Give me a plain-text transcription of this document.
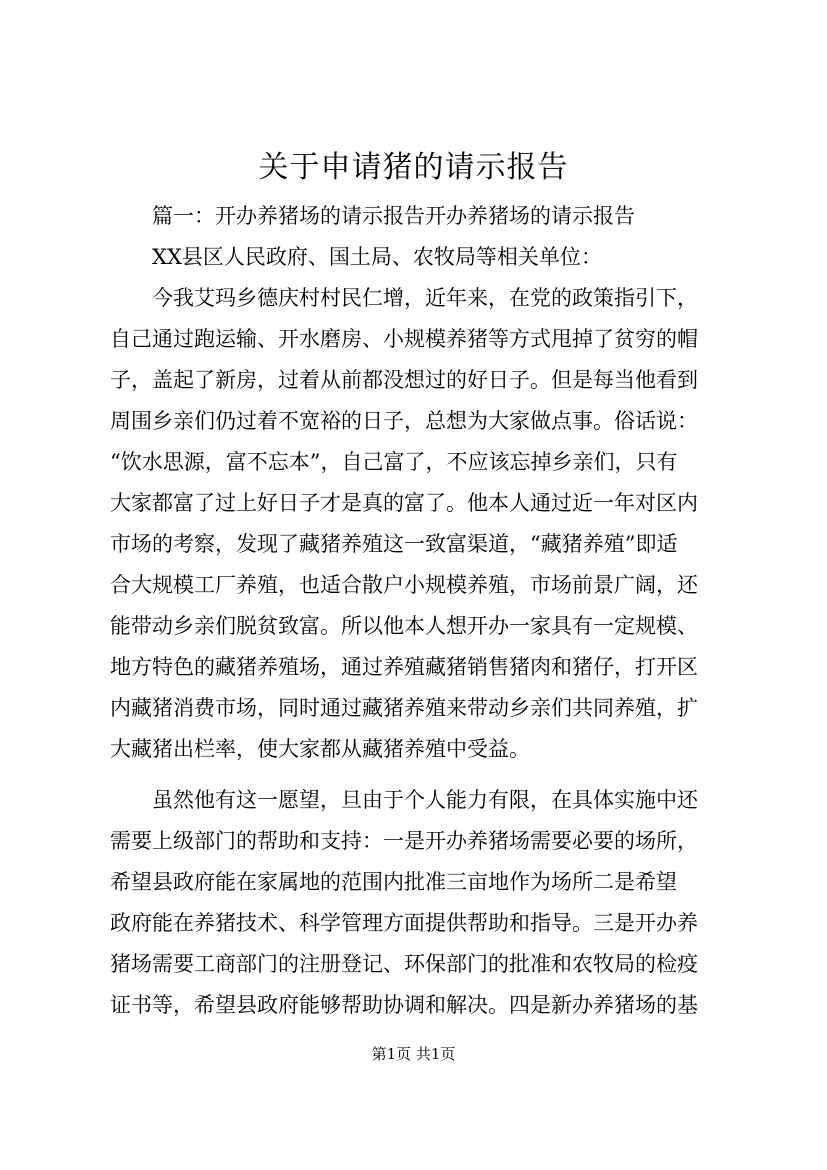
关于申请猪的请示报告
篇一：开办养猪场的请示报告开办养猪场的请示报告
XX县区人民政府、国土局、农牧局等相关单位：
今我艾玛乡德庆村村民仁增，近年来，在党的政策指引下，
自己通过跑运输、开水磨房、小规模养猪等方式甩掉了贫穷的帽
子，盖起了新房，过着从前都没想过的好日子。但是每当他看到
周围乡亲们仍过着不宽裕的日子，总想为大家做点事。俗话说：
“饮水思源，富不忘本”，自己富了，不应该忘掉乡亲们，只有
大家都富了过上好日子才是真的富了。他本人通过近一年对区内
市场的考察，发现了藏猪养殖这一致富渠道，“藏猪养殖”即适
合大规模工厂养殖，也适合散户小规模养殖，市场前景广阔，还
能带动乡亲们脱贫致富。所以他本人想开办一家具有一定规模、
地方特色的藏猪养殖场，通过养殖藏猪销售猪肉和猪仔，打开区
内藏猪消费市场，同时通过藏猪养殖来带动乡亲们共同养殖，扩
大藏猪出栏率，使大家都从藏猪养殖中受益。
虽然他有这一愿望，旦由于个人能力有限，在具体实施中还
需要上级部门的帮助和支持：一是开办养猪场需要必要的场所，
希望县政府能在家属地的范围内批准三亩地作为场所二是希望
政府能在养猪技术、科学管理方面提供帮助和指导。三是开办养
猪场需要工商部门的注册登记、环保部门的批准和农牧局的检疫
证书等，希望县政府能够帮助协调和解决。四是新办养猪场的基
第1页 共1页
